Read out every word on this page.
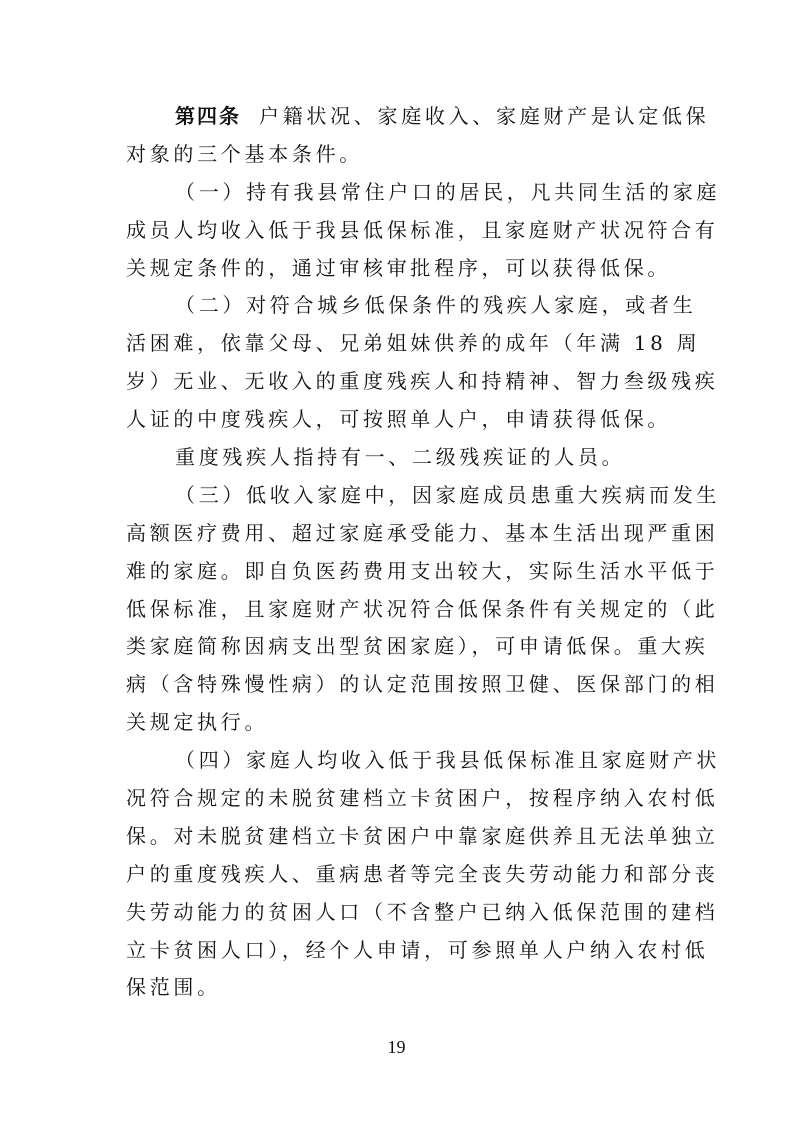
第四条 户籍状况、家庭收入、家庭财产是认定低保
对象的三个基本条件。
（一）持有我县常住户口的居民，凡共同生活的家庭
成员人均收入低于我县低保标准，且家庭财产状况符合有
关规定条件的，通过审核审批程序，可以获得低保。
（二）对符合城乡低保条件的残疾人家庭，或者生
活困难，依靠父母、兄弟姐妹供养的成年（年满 18 周
岁）无业、无收入的重度残疾人和持精神、智力叁级残疾
人证的中度残疾人，可按照单人户，申请获得低保。
重度残疾人指持有一、二级残疾证的人员。
（三）低收入家庭中，因家庭成员患重大疾病而发生
高额医疗费用、超过家庭承受能力、基本生活出现严重困
难的家庭。即自负医药费用支出较大，实际生活水平低于
低保标准，且家庭财产状况符合低保条件有关规定的（此
类家庭简称因病支出型贫困家庭），可申请低保。重大疾
病（含特殊慢性病）的认定范围按照卫健、医保部门的相
关规定执行。
（四）家庭人均收入低于我县低保标准且家庭财产状
况符合规定的未脱贫建档立卡贫困户，按程序纳入农村低
保。对未脱贫建档立卡贫困户中靠家庭供养且无法单独立
户的重度残疾人、重病患者等完全丧失劳动能力和部分丧
失劳动能力的贫困人口（不含整户已纳入低保范围的建档
立卡贫困人口），经个人申请，可参照单人户纳入农村低
保范围。
19
